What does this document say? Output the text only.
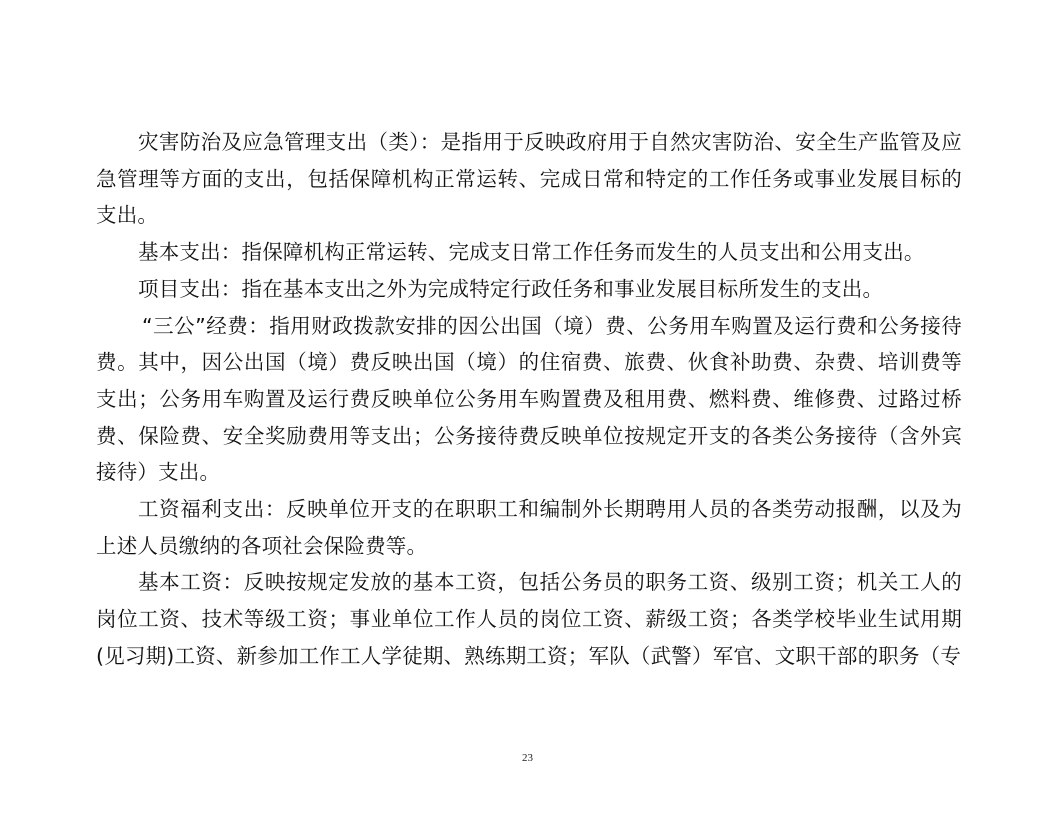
灾害防治及应急管理支出（类）：是指用于反映政府用于自然灾害防治、安全生产监管及应急管理等方面的支出，包括保障机构正常运转、完成日常和特定的工作任务或事业发展目标的支出。

基本支出：指保障机构正常运转、完成支日常工作任务而发生的人员支出和公用支出。

项目支出：指在基本支出之外为完成特定行政任务和事业发展目标所发生的支出。

“三公”经费：指用财政拨款安排的因公出国（境）费、公务用车购置及运行费和公务接待费。其中，因公出国（境）费反映出国（境）的住宿费、旅费、伙食补助费、杂费、培训费等支出；公务用车购置及运行费反映单位公务用车购置费及租用费、燃料费、维修费、过路过桥费、保险费、安全奖励费用等支出；公务接待费反映单位按规定开支的各类公务接待（含外宾接待）支出。

工资福利支出：反映单位开支的在职职工和编制外长期聘用人员的各类劳动报酬，以及为上述人员缴纳的各项社会保险费等。

基本工资：反映按规定发放的基本工资，包括公务员的职务工资、级别工资；机关工人的岗位工资、技术等级工资；事业单位工作人员的岗位工资、薪级工资；各类学校毕业生试用期(见习期)工资、新参加工作工人学徒期、熟练期工资；军队（武警）军官、文职干部的职务（专

23
